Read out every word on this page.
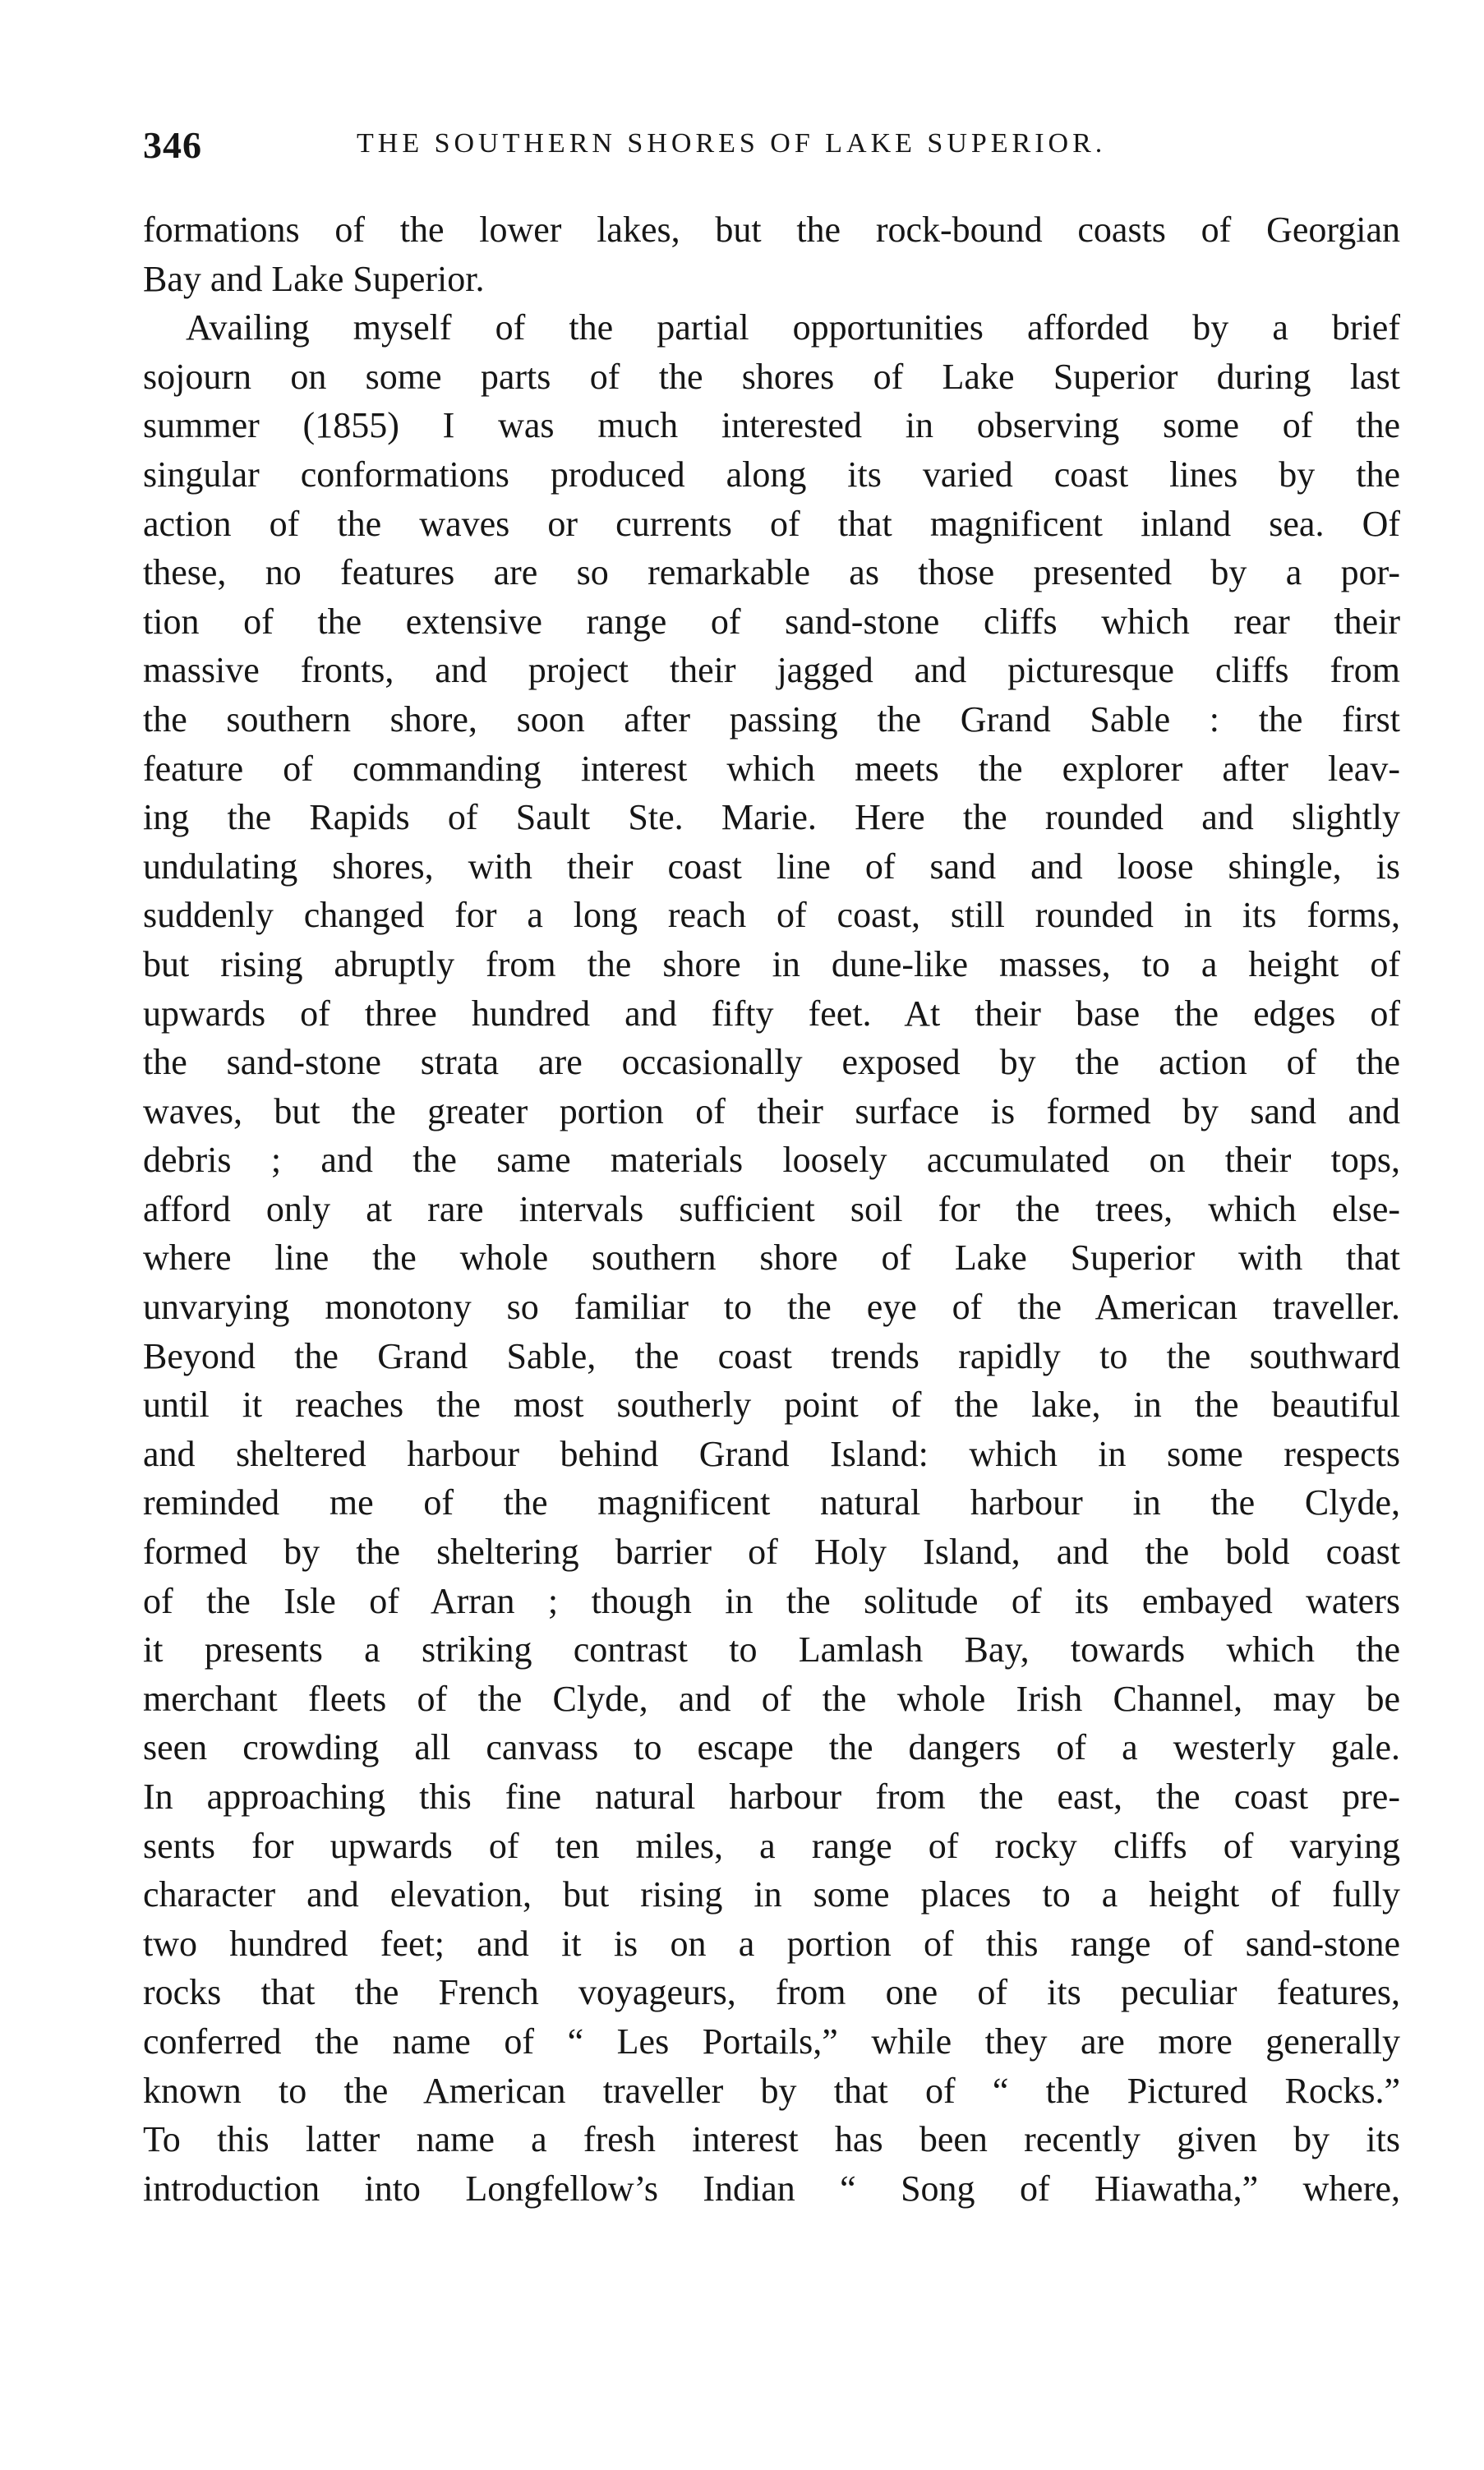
346	THE SOUTHERN SHORES OF LAKE SUPERIOR.
formations of the lower lakes, but the rock-bound coasts of Georgian
Bay and Lake Superior.
Availing myself of the partial opportunities afforded by a brief
sojourn on some parts of the shores of Lake Superior during last
summer (1855) I was much interested in observing some of the
singular conformations produced along its varied coast lines by the
action of the waves or currents of that magnificent inland sea. Of
these, no features are so remarkable as those presented by a por-
tion of the extensive range of sand-stone cliffs which rear their
massive fronts, and project their jagged and picturesque cliffs from
the southern shore, soon after passing the Grand Sable : the first
feature of commanding interest which meets the explorer after leav-
ing the Rapids of Sault Ste. Marie. Here the rounded and slightly
undulating shores, with their coast line of sand and loose shingle, is
suddenly changed for a long reach of coast, still rounded in its forms,
but rising abruptly from the shore in dune-like masses, to a height of
upwards of three hundred and fifty feet. At their base the edges of
the sand-stone strata are occasionally exposed by the action of the
waves, but the greater portion of their surface is formed by sand and
debris ; and the same materials loosely accumulated on their tops,
afford only at rare intervals sufficient soil for the trees, which else-
where line the whole southern shore of Lake Superior with that
unvarying monotony so familiar to the eye of the American traveller.
Beyond the Grand Sable, the coast trends rapidly to the southward
until it reaches the most southerly point of the lake, in the beautiful
and sheltered harbour behind Grand Island: which in some respects
reminded me of the magnificent natural harbour in the Clyde,
formed by the sheltering barrier of Holy Island, and the bold coast
of the Isle of Arran ; though in the solitude of its embayed waters
it presents a striking contrast to Lamlash Bay, towards which the
merchant fleets of the Clyde, and of the whole Irish Channel, may be
seen crowding all canvass to escape the dangers of a westerly gale.
In approaching this fine natural harbour from the east, the coast pre-
sents for upwards of ten miles, a range of rocky cliffs of varying
character and elevation, but rising in some places to a height of fully
two hundred feet; and it is on a portion of this range of sand-stone
rocks that the French voyageurs, from one of its peculiar features,
conferred the name of “ Les Portails,” while they are more generally
known to the American traveller by that of “ the Pictured Rocks.”
To this latter name a fresh interest has been recently given by its
introduction into Longfellow’s Indian “ Song of Hiawatha,” where,
